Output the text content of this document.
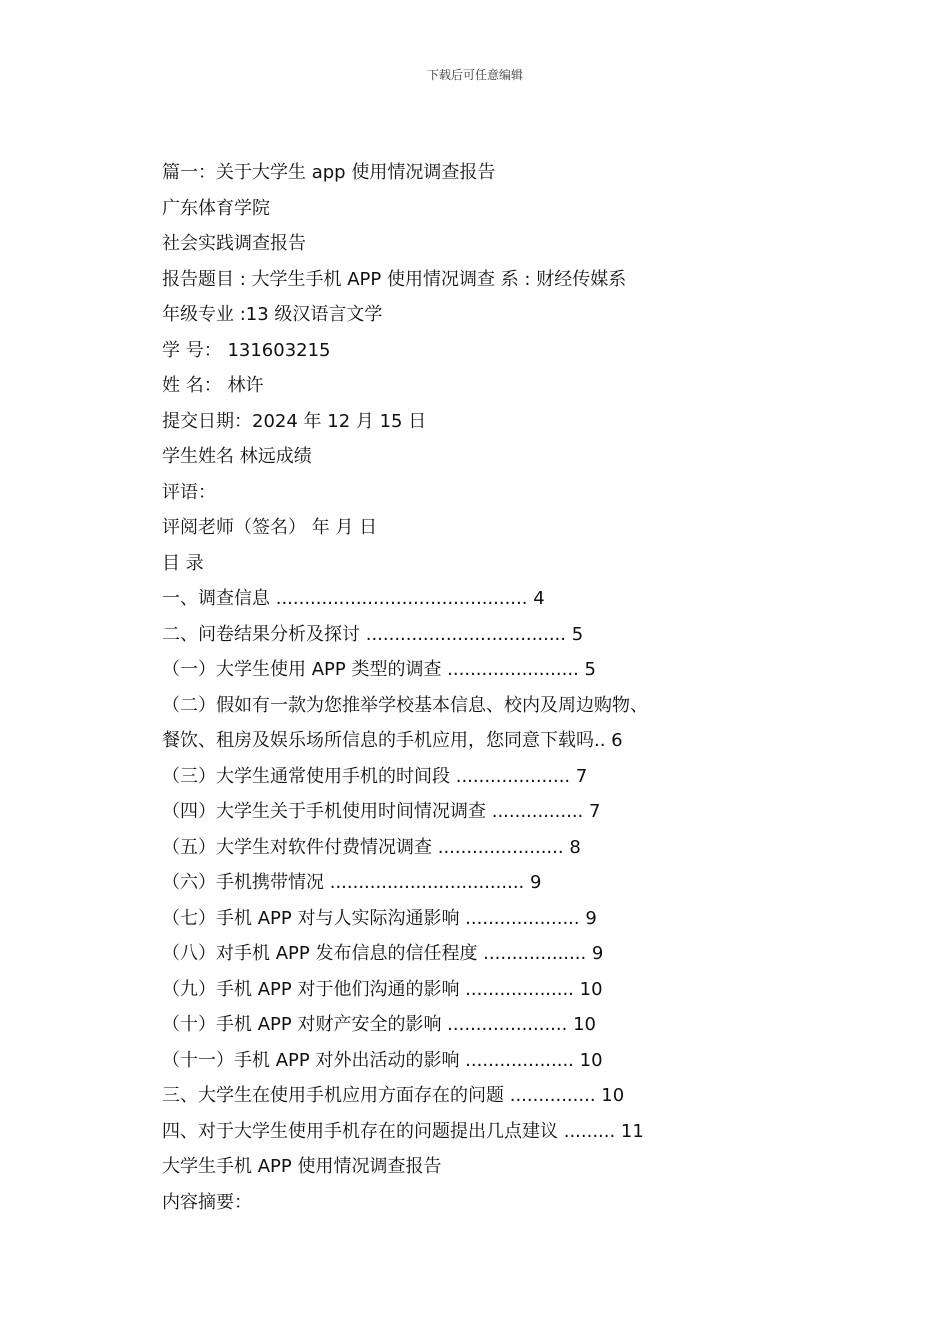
下载后可任意编辑
篇一：关于大学生 app 使用情况调查报告
广东体育学院
社会实践调查报告
报告题目 : 大学生手机 APP 使用情况调查 系 : 财经传媒系
年级专业 :13 级汉语言文学
学 号： 131603215
姓 名： 林许
提交日期：2024 年 12 月 15 日
学生姓名 林远成绩
评语：
评阅老师（签名） 年 月 日
目 录
一、调查信息 ............................................ 4
二、问卷结果分析及探讨 ................................... 5
（一）大学生使用 APP 类型的调查 ....................... 5
（二）假如有一款为您推举学校基本信息、校内及周边购物、
餐饮、租房及娱乐场所信息的手机应用，您同意下载吗.. 6
（三）大学生通常使用手机的时间段 .................... 7
（四）大学生关于手机使用时间情况调查 ................ 7
（五）大学生对软件付费情况调查 ...................... 8
（六）手机携带情况 .................................. 9
（七）手机 APP 对与人实际沟通影响 .................... 9
（八）对手机 APP 发布信息的信任程度 .................. 9
（九）手机 APP 对于他们沟通的影响 ................... 10
（十）手机 APP 对财产安全的影响 ..................... 10
（十一）手机 APP 对外出活动的影响 ................... 10
三、大学生在使用手机应用方面存在的问题 ............... 10
四、对于大学生使用手机存在的问题提出几点建议 ......... 11
大学生手机 APP 使用情况调查报告
内容摘要：
